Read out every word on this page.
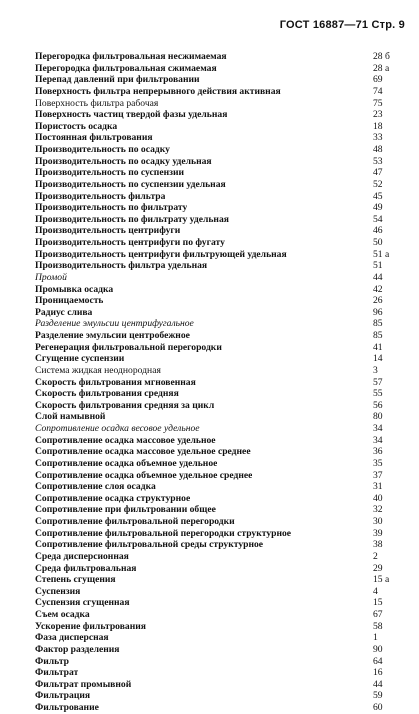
ГОСТ 16887—71 Стр. 9
Перегородка фильтровальная несжимаемая	28 б
Перегородка фильтровальная сжимаемая	28 a
Перепад давлений при фильтровании	69
Поверхность фильтра непрерывного действия активная	74
Поверхность фильтра рабочая	75
Поверхность частиц твердой фазы удельная	23
Пористость осадка	18
Постоянная фильтрования	33
Производительность по осадку	48
Производительность по осадку удельная	53
Производительность по суспензии	47
Производительность по суспензии удельная	52
Производительность фильтра	45
Производительность по фильтрату	49
Производительность по фильтрату удельная	54
Производительность центрифуги	46
Производительность центрифуги по фугату	50
Производительность центрифуги фильтрующей удельная	51 a
Производительность фильтра удельная	51
Промой	44
Промывка осадка	42
Проницаемость	26
Радиус слива	96
Разделение эмульсии центрифугальное	85
Разделение эмульсии центробежное	85
Регенерация фильтровальной перегородки	41
Сгущение суспензии	14
Система жидкая неоднородная	3
Скорость фильтрования мгновенная	57
Скорость фильтрования средняя	55
Скорость фильтрования средняя за цикл	56
Слой намывной	80
Сопротивление осадка весовое удельное	34
Сопротивление осадка массовое удельное	34
Сопротивление осадка массовое удельное среднее	36
Сопротивление осадка объемное удельное	35
Сопротивление осадка объемное удельное среднее	37
Сопротивление слоя осадка	31
Сопротивление осадка структурное	40
Сопротивление при фильтровании общее	32
Сопротивление фильтровальной перегородки	30
Сопротивление фильтровальной перегородки структурное	39
Сопротивление фильтровальной среды структурное	38
Среда дисперсионная	2
Среда фильтровальная	29
Степень сгущения	15 a
Суспензия	4
Суспензия сгущенная	15
Съем осадка	67
Ускорение фильтрования	58
Фаза дисперсная	1
Фактор разделения	90
Фильтр	64
Фильтрат	16
Фильтрат промывной	44
Фильтрация	59
Фильтрование	60
